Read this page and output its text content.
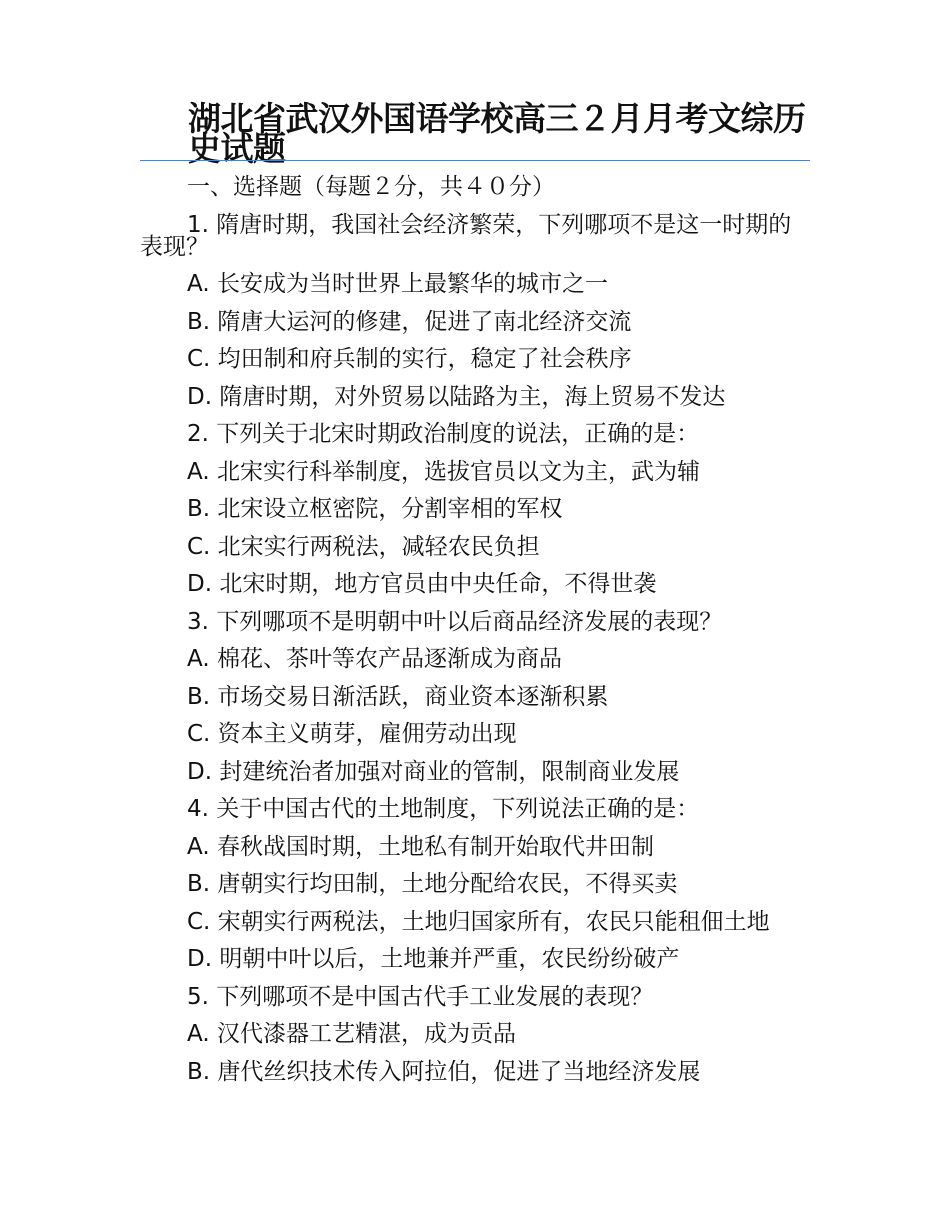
湖北省武汉外国语学校高三２月月考文综历史试题

一、选择题（每题２分，共４０分）

1. 隋唐时期，我国社会经济繁荣，下列哪项不是这一时期的表现？

A. 长安成为当时世界上最繁华的城市之一

B. 隋唐大运河的修建，促进了南北经济交流

C. 均田制和府兵制的实行，稳定了社会秩序

D. 隋唐时期，对外贸易以陆路为主，海上贸易不发达

2. 下列关于北宋时期政治制度的说法，正确的是：

A. 北宋实行科举制度，选拔官员以文为主，武为辅

B. 北宋设立枢密院，分割宰相的军权

C. 北宋实行两税法，减轻农民负担

D. 北宋时期，地方官员由中央任命，不得世袭

3. 下列哪项不是明朝中叶以后商品经济发展的表现？

A. 棉花、茶叶等农产品逐渐成为商品

B. 市场交易日渐活跃，商业资本逐渐积累

C. 资本主义萌芽，雇佣劳动出现

D. 封建统治者加强对商业的管制，限制商业发展

4. 关于中国古代的土地制度，下列说法正确的是：

A. 春秋战国时期，土地私有制开始取代井田制

B. 唐朝实行均田制，土地分配给农民，不得买卖

C. 宋朝实行两税法，土地归国家所有，农民只能租佃土地

D. 明朝中叶以后，土地兼并严重，农民纷纷破产

5. 下列哪项不是中国古代手工业发展的表现？

A. 汉代漆器工艺精湛，成为贡品

B. 唐代丝织技术传入阿拉伯，促进了当地经济发展
